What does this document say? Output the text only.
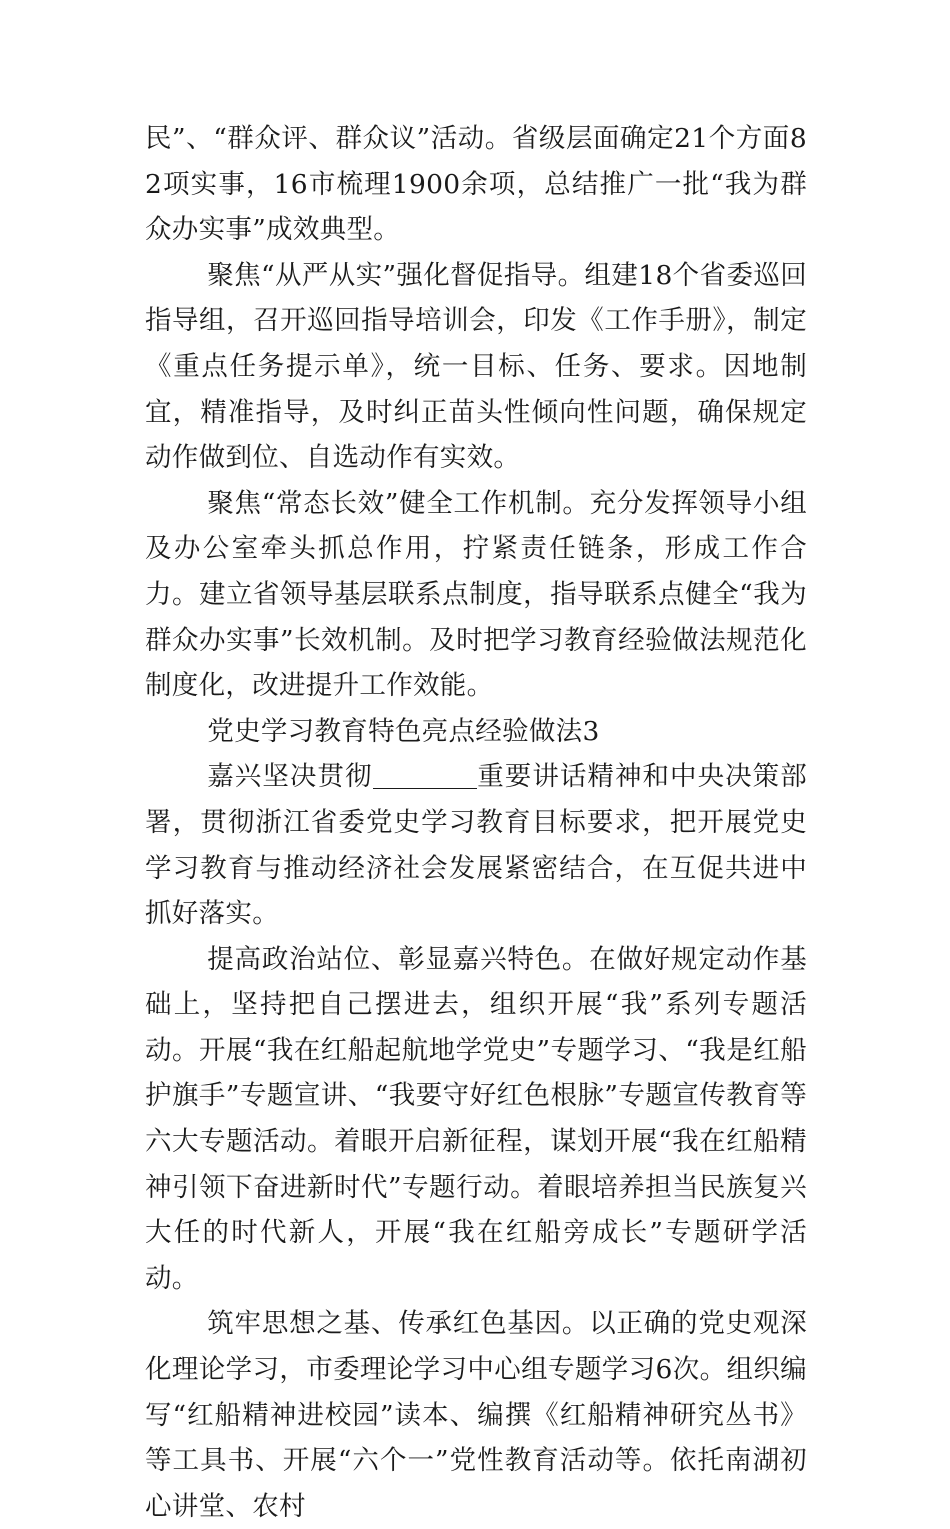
民”、“群众评、群众议”活动。省级层面确定21个方面82项实事，16市梳理1900余项，总结推广一批“我为群众办实事”成效典型。

聚焦“从严从实”强化督促指导。组建18个省委巡回指导组，召开巡回指导培训会，印发《工作手册》，制定《重点任务提示单》，统一目标、任务、要求。因地制宜，精准指导，及时纠正苗头性倾向性问题，确保规定动作做到位、自选动作有实效。

聚焦“常态长效”健全工作机制。充分发挥领导小组及办公室牵头抓总作用，拧紧责任链条，形成工作合力。建立省领导基层联系点制度，指导联系点健全“我为群众办实事”长效机制。及时把学习教育经验做法规范化制度化，改进提升工作效能。

党史学习教育特色亮点经验做法3

嘉兴坚决贯彻	重要讲话精神和中央决策部署，贯彻浙江省委党史学习教育目标要求，把开展党史学习教育与推动经济社会发展紧密结合，在互促共进中抓好落实。

提高政治站位、彰显嘉兴特色。在做好规定动作基础上，坚持把自己摆进去，组织开展“我”系列专题活动。开展“我在红船起航地学党史”专题学习、“我是红船护旗手”专题宣讲、“我要守好红色根脉”专题宣传教育等六大专题活动。着眼开启新征程，谋划开展“我在红船精神引领下奋进新时代”专题行动。着眼培养担当民族复兴大任的时代新人，开展“我在红船旁成长”专题研学活动。

筑牢思想之基、传承红色基因。以正确的党史观深化理论学习，市委理论学习中心组专题学习6次。组织编写“红船精神进校园”读本、编撰《红船精神研究丛书》等工具书、开展“六个一”党性教育活动等。依托南湖初心讲堂、农村
